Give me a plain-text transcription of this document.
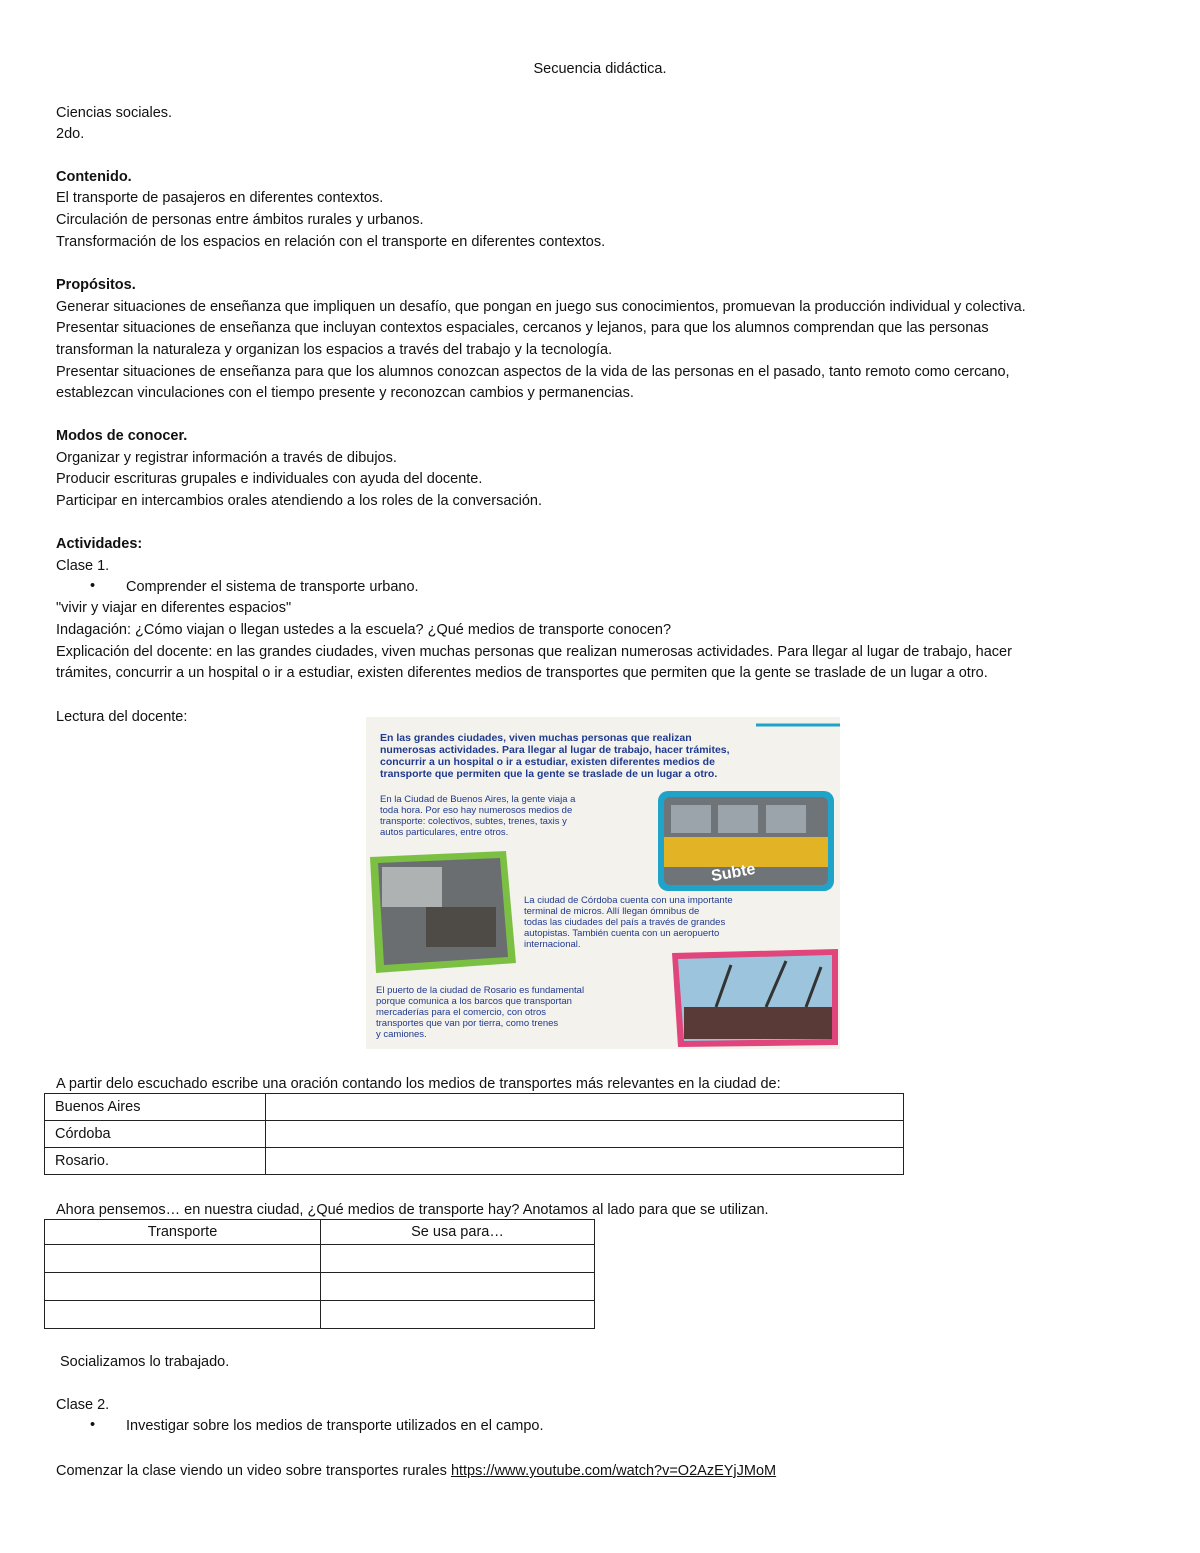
Secuencia didáctica.
Ciencias sociales.
2do.
Contenido.
El transporte de pasajeros en diferentes contextos.
Circulación de personas entre ámbitos rurales y urbanos.
Transformación de los espacios en relación con el transporte en diferentes contextos.
Propósitos.
Generar situaciones de enseñanza que impliquen un desafío, que pongan en juego sus conocimientos, promuevan la producción individual y colectiva.
Presentar situaciones de enseñanza que incluyan contextos espaciales, cercanos y lejanos, para que los alumnos comprendan que las personas
transforman la naturaleza y organizan los espacios a través del trabajo y la tecnología.
Presentar situaciones de enseñanza para que los alumnos conozcan aspectos de la vida de las personas en el pasado, tanto remoto como cercano,
establezcan vinculaciones con el tiempo presente y reconozcan cambios y permanencias.
Modos de conocer.
Organizar y registrar información a través de dibujos.
Producir escrituras grupales e individuales con ayuda del docente.
Participar en intercambios orales atendiendo a los roles de la conversación.
Actividades:
Clase 1.
• Comprender el sistema de transporte urbano.
"vivir y viajar en diferentes espacios"
Indagación: ¿Cómo viajan o llegan ustedes a la escuela? ¿Qué medios de transporte conocen?
Explicación del docente: en las grandes ciudades, viven muchas personas que realizan numerosas actividades. Para llegar al lugar de trabajo, hacer
trámites, concurrir a un hospital o ir a estudiar, existen diferentes medios de transportes que permiten que la gente se traslade de un lugar a otro.
Lectura del docente:
En las grandes ciudades, viven muchas personas que realizan
numerosas actividades. Para llegar al lugar de trabajo, hacer trámites,
concurrir a un hospital o ir a estudiar, existen diferentes medios de
transporte que permiten que la gente se traslade de un lugar a otro.
En la Ciudad de Buenos Aires, la gente viaja a
toda hora. Por eso hay numerosos medios de
transporte: colectivos, subtes, trenes, taxis y
autos particulares, entre otros.
Subte
La ciudad de Córdoba cuenta con una importante
terminal de micros. Allí llegan ómnibus de
todas las ciudades del país a través de grandes
autopistas. También cuenta con un aeropuerto
internacional.
El puerto de la ciudad de Rosario es fundamental
porque comunica a los barcos que transportan
mercaderías para el comercio, con otros
transportes que van por tierra, como trenes
y camiones.
A partir delo escuchado escribe una oración contando los medios de transportes más relevantes en la ciudad de:
Buenos Aires	
Córdoba	
Rosario.	
Ahora pensemos… en nuestra ciudad, ¿Qué medios de transporte hay? Anotamos al lado para que se utilizan.
Transporte	Se usa para…

Socializamos lo trabajado.
Clase 2.
• Investigar sobre los medios de transporte utilizados en el campo.
Comenzar la clase viendo un video sobre transportes rurales https://www.youtube.com/watch?v=O2AzEYjJMoM
